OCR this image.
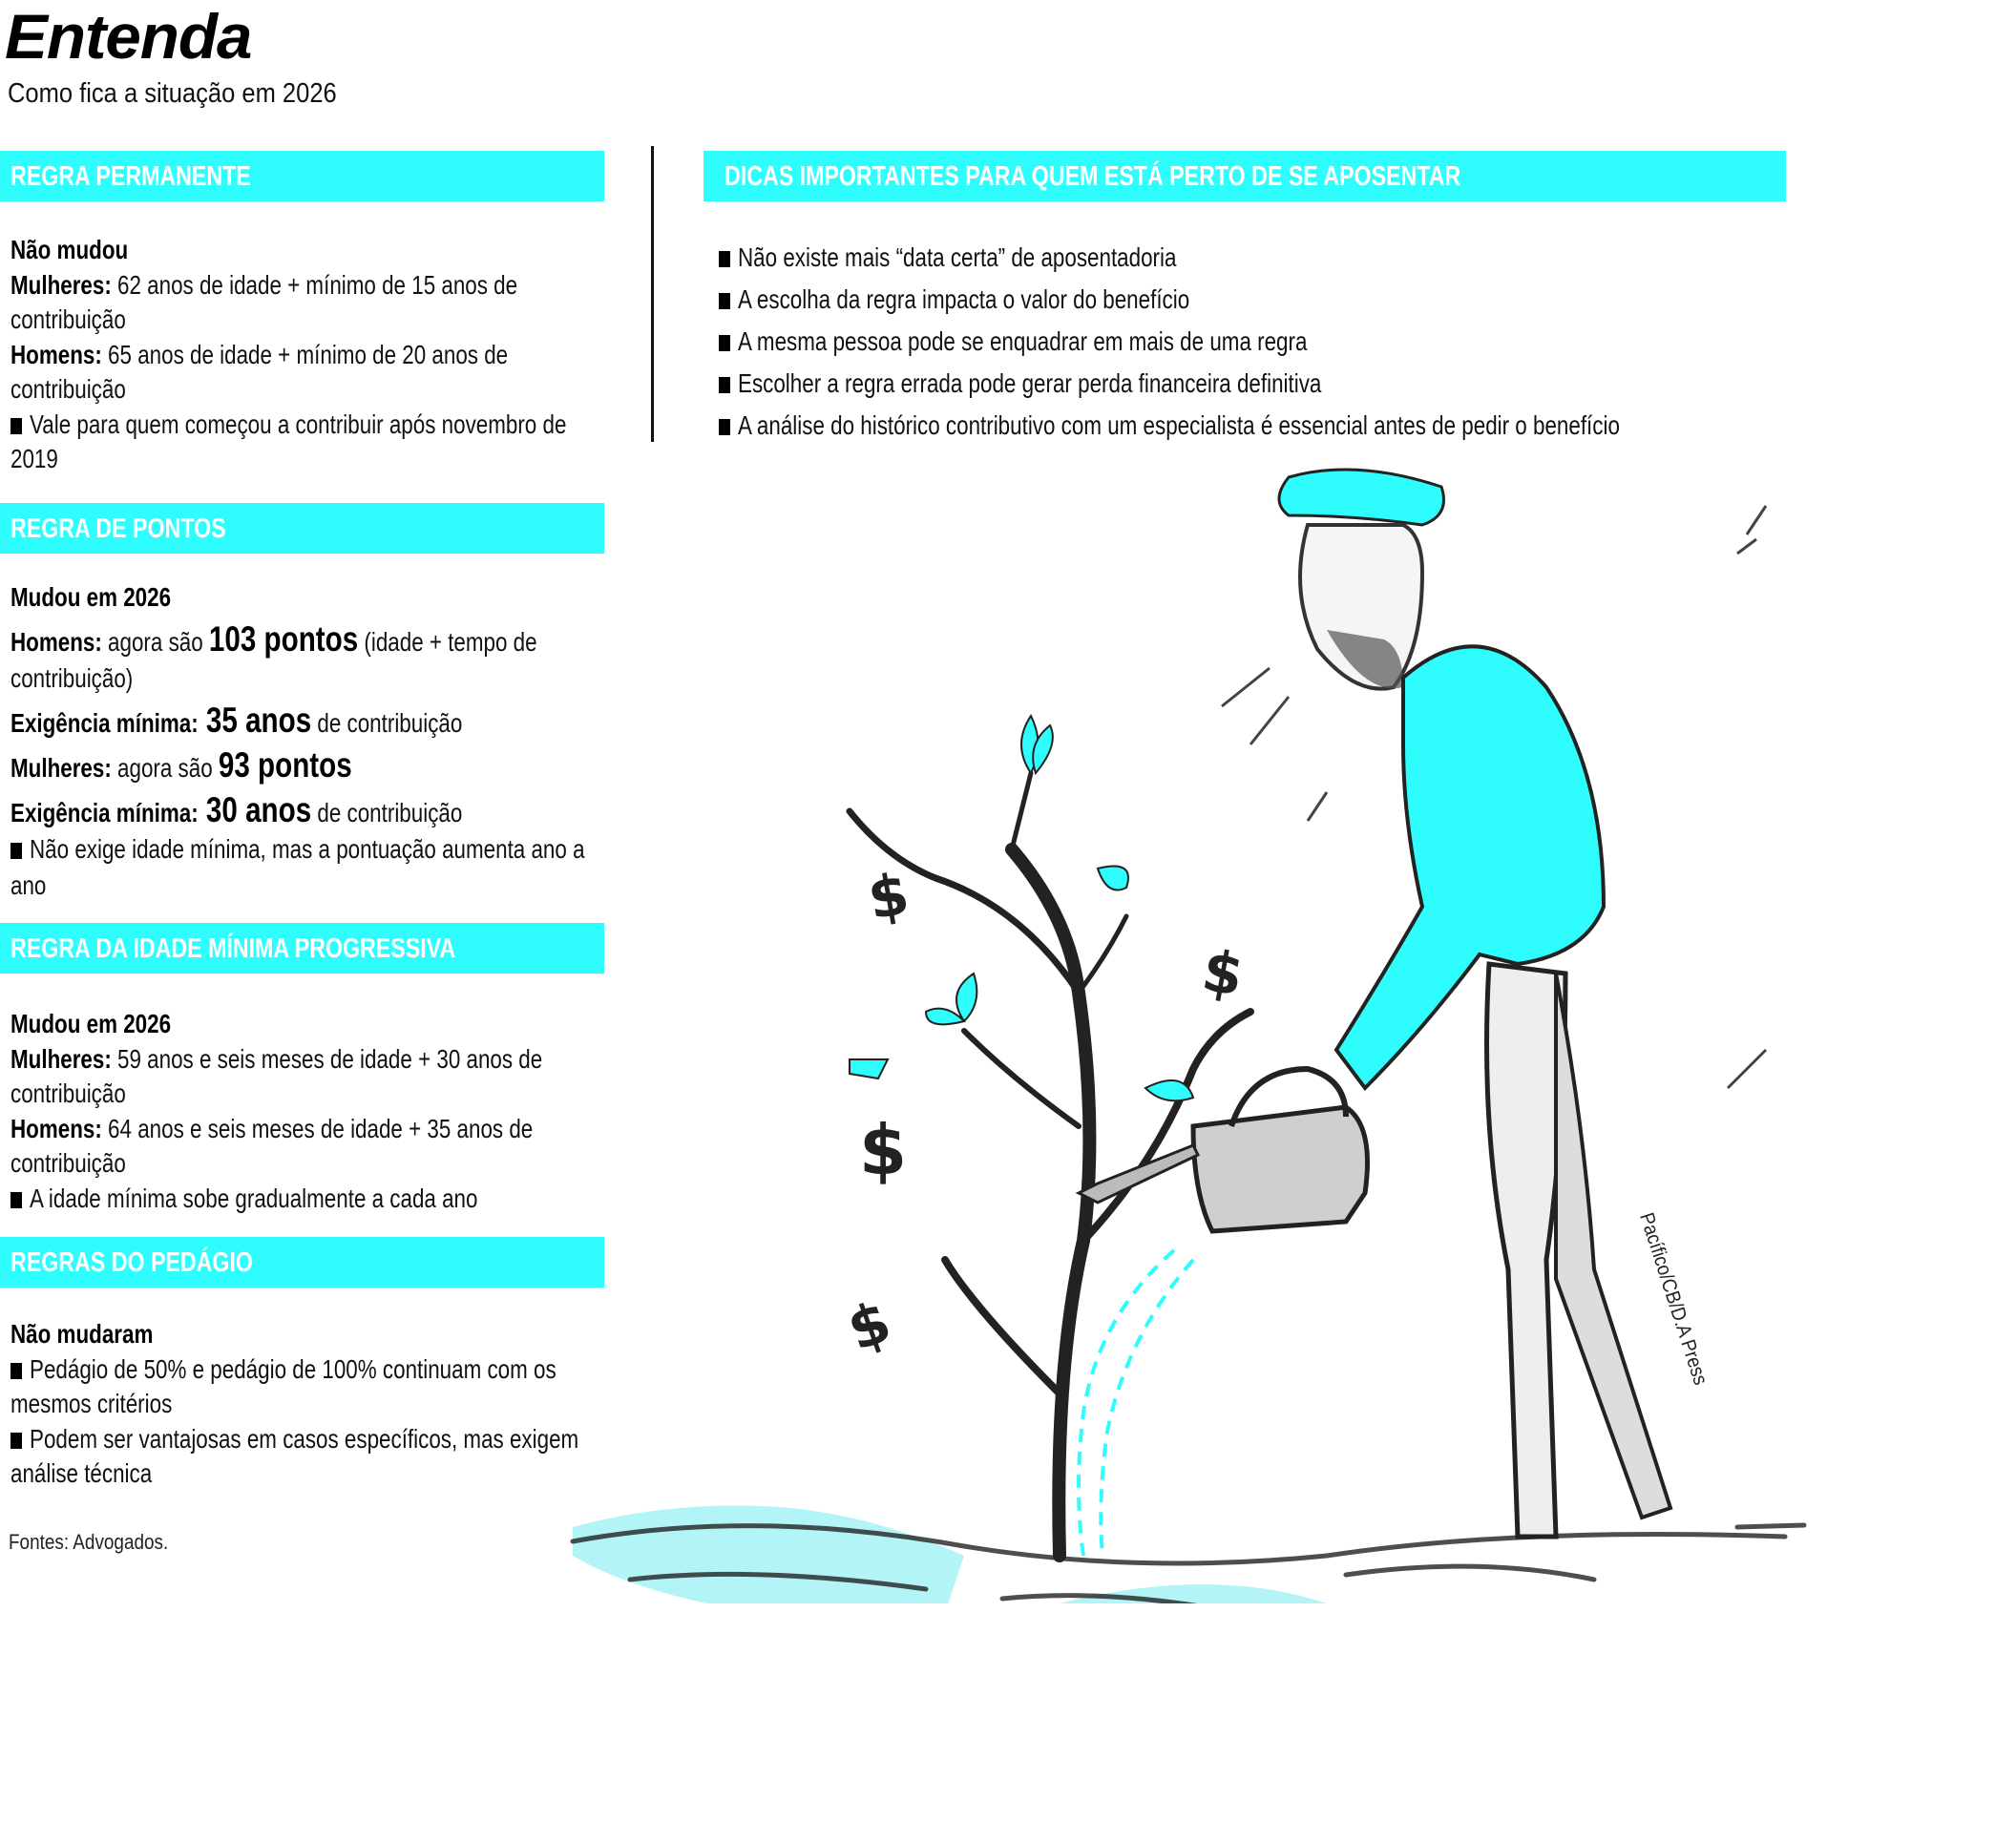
Entenda
Como fica a situação em 2026
REGRA PERMANENTE

Não mudou

Mulheres: 62 anos de idade + mínimo de 15 anos de contribuição

Homens: 65 anos de idade + mínimo de 20 anos de contribuição

Vale para quem começou a contribuir após novembro de 2019

REGRA DE PONTOS

Mudou em 2026

Homens: agora são 103 pontos (idade + tempo de contribuição)

Exigência mínima: 35 anos de contribuição

Mulheres: agora são 93 pontos

Exigência mínima: 30 anos de contribuição

Não exige idade mínima, mas a pontuação aumenta ano a ano

REGRA DA IDADE MÍNIMA PROGRESSIVA

Mudou em 2026

Mulheres: 59 anos e seis meses de idade + 30 anos de contribuição

Homens: 64 anos e seis meses de idade + 35 anos de contribuição

A idade mínima sobe gradualmente a cada ano

REGRAS DO PEDÁGIO

Não mudaram

Pedágio de 50% e pedágio de 100% continuam com os mesmos critérios

Podem ser vantajosas em casos específicos, mas exigem análise técnica

Fontes: Advogados.
DICAS IMPORTANTES PARA QUEM ESTÁ PERTO DE SE APOSENTAR

Não existe mais “data certa” de aposentadoria

A escolha da regra impacta o valor do benefício

A mesma pessoa pode se enquadrar em mais de uma regra

Escolher a regra errada pode gerar perda financeira definitiva

A análise do histórico contributivo com um especialista é essencial antes de pedir o benefício

$
$
$
$	Pacífico/CB/D.A Press
